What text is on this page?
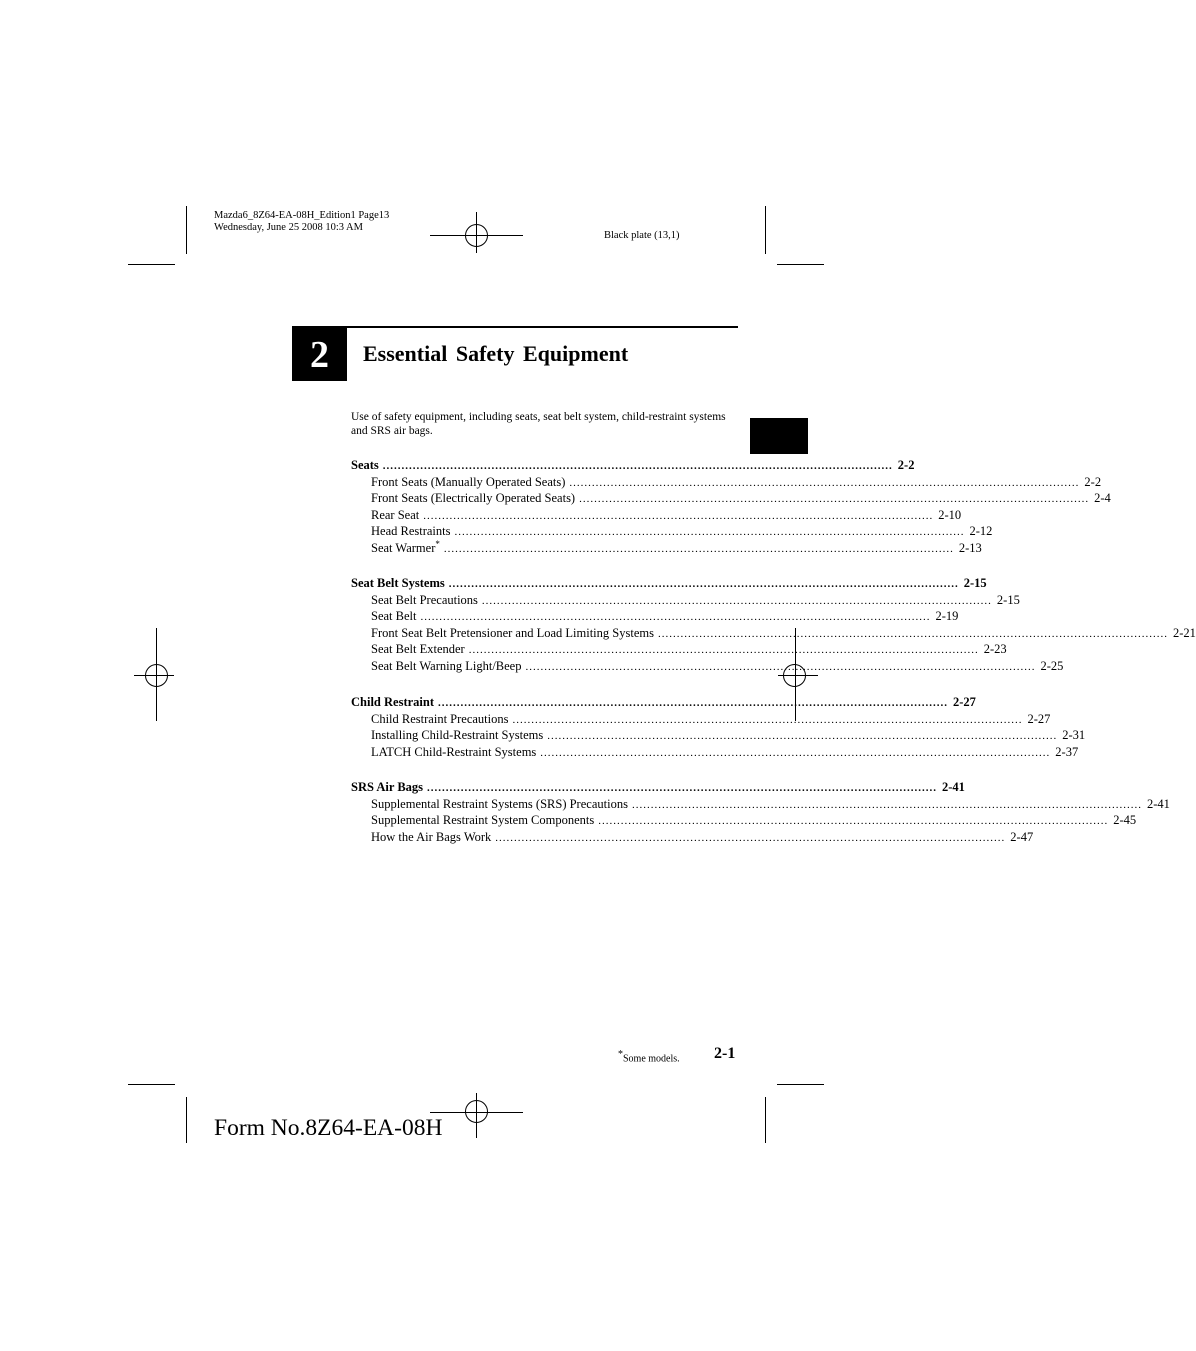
Mazda6_8Z64-EA-08H_Edition1 Page13
Wednesday, June 25 2008 10:3 AM
Black plate (13,1)
2	Essential Safety Equipment
Use of safety equipment, including seats, seat belt system, child-restraint systems and SRS air bags.
Seats ........................................................................................................................................ 2-2
Front Seats (Manually Operated Seats) ........................................................................................................................................ 2-2
Front Seats (Electrically Operated Seats) ........................................................................................................................................ 2-4
Rear Seat ........................................................................................................................................ 2-10
Head Restraints ........................................................................................................................................ 2-12
Seat Warmer* ........................................................................................................................................ 2-13
Seat Belt Systems ........................................................................................................................................ 2-15
Seat Belt Precautions ........................................................................................................................................ 2-15
Seat Belt ........................................................................................................................................ 2-19
Front Seat Belt Pretensioner and Load Limiting Systems ........................................................................................................................................ 2-21
Seat Belt Extender ........................................................................................................................................ 2-23
Seat Belt Warning Light/Beep ........................................................................................................................................ 2-25
Child Restraint ........................................................................................................................................ 2-27
Child Restraint Precautions ........................................................................................................................................ 2-27
Installing Child-Restraint Systems ........................................................................................................................................ 2-31
LATCH Child-Restraint Systems ........................................................................................................................................ 2-37
SRS Air Bags ........................................................................................................................................ 2-41
Supplemental Restraint Systems (SRS) Precautions ........................................................................................................................................ 2-41
Supplemental Restraint System Components ........................................................................................................................................ 2-45
How the Air Bags Work ........................................................................................................................................ 2-47
*Some models. 2-1
Form No.8Z64-EA-08H
